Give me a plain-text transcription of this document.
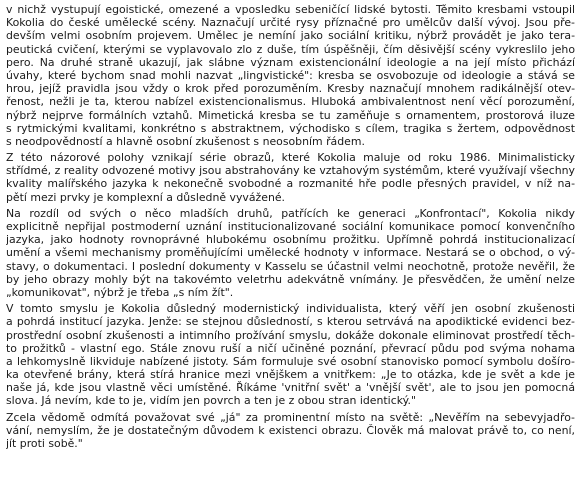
v nichž vystupují egoistické, omezené a vposledku sebeničící lidské bytosti. Těmito kresbami vstoupil
Kokolia do české umělecké scény. Naznačují určité rysy příznačné pro umělcův další vývoj. Jsou pře-
devším velmi osobním projevem. Umělec je nemíní jako sociální kritiku, nýbrž provádět je jako tera-
peutická cvičení, kterými se vyplavovalo zlo z duše, tím úspěšněji, čím děsivější scény vykreslilo jeho
pero. Na druhé straně ukazují, jak slábne význam existencionální ideologie a na její místo přichází
úvahy, které bychom snad mohli nazvat „lingvistické": kresba se osvobozuje od ideologie a stává se
hrou, jejíž pravidla jsou vždy o krok před porozuměním. Kresby naznačují mnohem radikálnější otev-
řenost, nežli je ta, kterou nabízel existencionalismus. Hluboká ambivalentnost není věcí porozumění,
nýbrž nejprve formálních vztahů. Mimetická kresba se tu zaměňuje s ornamentem, prostorová iluze
s rytmickými kvalitami, konkrétno s abstraktnem, východisko s cílem, tragika s žertem, odpovědnost
s neodpovědností a hlavně osobní zkušenost s neosobním řádem.
Z této názorové polohy vznikají série obrazů, které Kokolia maluje od roku 1986. Minimalisticky
střídmé, z reality odvozené motivy jsou abstrahovány ke vztahovým systémům, které využívají všechny
kvality malířského jazyka k nekonečně svobodné a rozmanité hře podle přesných pravidel, v níž na-
pětí mezi prvky je komplexní a důsledně vyvážené.
Na rozdíl od svých o něco mladších druhů, patřících ke generaci „Konfrontací", Kokolia nikdy
explicitně nepřijal postmoderní uznání institucionalizované sociální komunikace pomocí konvenčního
jazyka, jako hodnoty rovnoprávné hlubokému osobnímu prožitku. Upřímně pohrdá institucionalizací
umění a všemi mechanismy proměňujícími umělecké hodnoty v informace. Nestará se o obchod, o vý-
stavy, o dokumentaci. I poslední dokumenty v Kasselu se účastnil velmi neochotně, protože nevěřil, že
by jeho obrazy mohly být na takovémto veletrhu adekvátně vnímány. Je přesvědčen, že umění nelze
„komunikovat", nýbrž je třeba „s ním žít".
V tomto smyslu je Kokolia důsledný modernistický individualista, který věří jen osobní zkušenosti
a pohrdá institucí jazyka. Jenže: se stejnou důsledností, s kterou setrvává na apodiktické evidenci bez-
prostřední osobní zkušenosti a intimního prožívání smyslu, dokáže dokonale eliminovat prostředí těch-
to prožitků - vlastní ego. Stále znovu ruší a ničí učiněné poznání, převrací půdu pod svýma nohama
a lehkomyslně likviduje nabízené jistoty. Sám formuluje své osobní stanovisko pomocí symbolu došíro-
ka otevřené brány, která stírá hranice mezi vnějškem a vnitřkem: „Je to otázka, kde je svět a kde je
naše já, kde jsou vlastně věci umístěné. Říkáme 'vnitřní svět' a 'vnější svět', ale to jsou jen pomocná
slova. Já nevím, kde to je, vidím jen povrch a ten je z obou stran identický."
Zcela vědomě odmítá považovat své „já" za prominentní místo na světě: „Nevěřím na sebevyjadřo-
vání, nemyslím, že je dostatečným důvodem k existenci obrazu. Člověk má malovat právě to, co není,
jít proti sobě."
